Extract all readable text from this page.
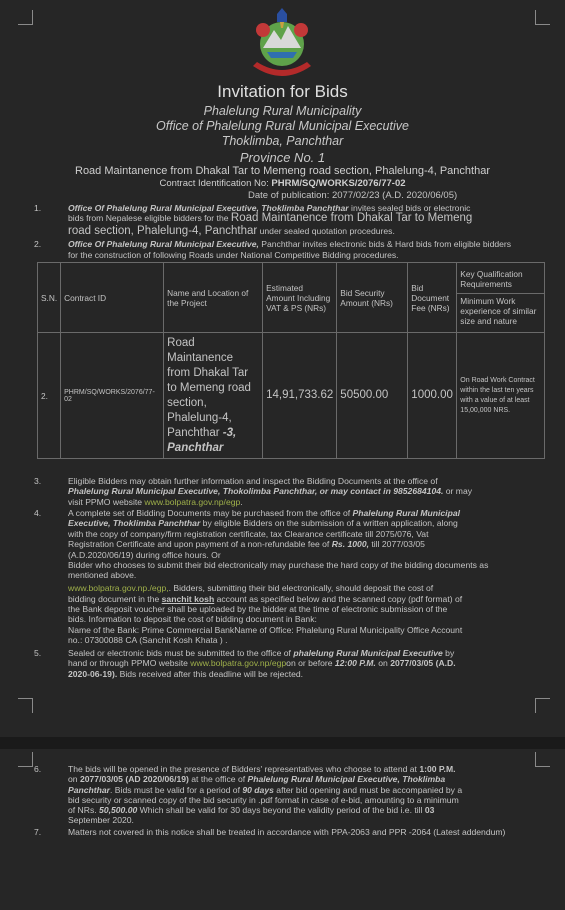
Invitation for Bids
Phalelung Rural Municipality
Office of Phalelung Rural Municipal Executive
Thoklimba, Panchthar
Province No. 1
Road Maintanence from Dhakal Tar to Memeng road section, Phalelung-4, Panchthar
Contract Identification No: PHRM/SQ/WORKS/2076/77-02
Date of publication: 2077/02/23 (A.D. 2020/06/05)
1.	Office Of Phalelung Rural Municipal Executive, Thoklimba Panchthar invites sealed bids or electronic
bids from Nepalese eligible bidders for the Road Maintanence from Dhakal Tar to Memeng
road section, Phalelung-4, Panchthar under sealed quotation procedures.
2.	Office Of Phalelung Rural Municipal Executive, Panchthar invites electronic bids & Hard bids from eligible bidders
for the construction of following Roads under National Competitive Bidding procedures.
S.N.	Contract ID	Name and Location of the Project	Estimated Amount Including VAT & PS (NRs)	Bid Security Amount (NRs)	Bid Document Fee (NRs)	Key Qualification Requirements
Minimum Work experience of similar size and nature

2.	PHRM/SQ/WORKS/2076/77-02	Road Maintanence from Dhakal Tar to Memeng road section, Phalelung-4, Panchthar -3, Panchthar	14,91,733.62	50500.00	1000.00	On Road Work Contract within the last ten years with a value of at least 15,00,000 NRS.
3.	Eligible Bidders may obtain further information and inspect the Bidding Documents at the office of
Phalelung Rural Municipal Executive, Thokolimba Panchthar, or may contact in 9852684104. or may
visit PPMO website www.bolpatra.gov.np/egp.
4.	A complete set of Bidding Documents may be purchased from the office of Phalelung Rural Municipal
Executive, Thoklimba Panchthar by eligible Bidders on the submission of a written application, along
with the copy of company/firm registration certificate, tax Clearance certificate till 2075/076, Vat
Registration Certificate and upon payment of a non-refundable fee of Rs. 1000, till 2077/03/05
(A.D.2020/06/19) during office hours. Or
Bidder who chooses to submit their bid electronically may purchase the hard copy of the bidding documents as
mentioned above.
www.bolpatra.gov.np./egp,. Bidders, submitting their bid electronically, should deposit the cost of
bidding document in the sanchit kosh account as specified below and the scanned copy (pdf format) of
the Bank deposit voucher shall be uploaded by the bidder at the time of electronic submission of the
bids. Information to deposit the cost of bidding document in Bank:
Name of the Bank: Prime Commercial BankName of Office: Phalelung Rural Municipality Office Account
no.: 07300088 CA (Sanchit Kosh Khata ) .
5.	Sealed or electronic bids must be submitted to the office of phalelung Rural Municipal Executive by
hand or through PPMO website www.bolpatra.gov.np/egpon or before 12:00 P.M. on 2077/03/05 (A.D.
2020-06-19). Bids received after this deadline will be rejected.
6.	The bids will be opened in the presence of Bidders' representatives who choose to attend at 1:00 P.M.
on 2077/03/05 (AD 2020/06/19) at the office of Phalelung Rural Municipal Executive, Thoklimba
Panchthar. Bids must be valid for a period of 90 days after bid opening and must be accompanied by a
bid security or scanned copy of the bid security in .pdf format in case of e-bid, amounting to a minimum
of NRs. 50,500.00 Which shall be valid for 30 days beyond the validity period of the bid i.e. till 03
September 2020.
7.	Matters not covered in this notice shall be treated in accordance with PPA-2063 and PPR -2064 (Latest addendum)
